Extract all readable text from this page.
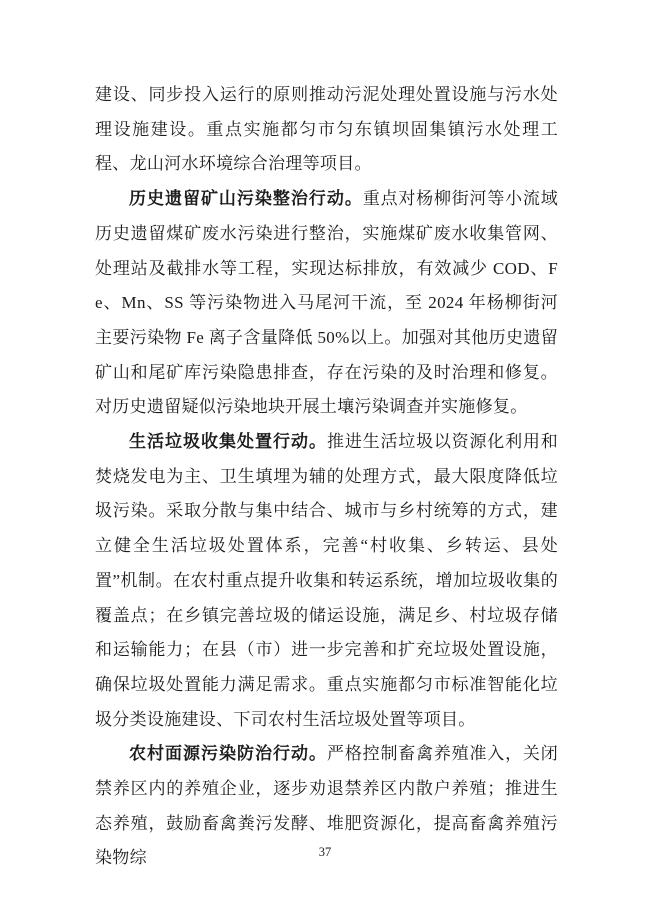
建设、同步投入运行的原则推动污泥处理处置设施与污水处理设施建设。重点实施都匀市匀东镇坝固集镇污水处理工程、龙山河水环境综合治理等项目。

历史遗留矿山污染整治行动。重点对杨柳街河等小流域历史遗留煤矿废水污染进行整治，实施煤矿废水收集管网、处理站及截排水等工程，实现达标排放，有效减少 COD、Fe、Mn、SS 等污染物进入马尾河干流，至 2024 年杨柳街河主要污染物 Fe 离子含量降低 50%以上。加强对其他历史遗留矿山和尾矿库污染隐患排查，存在污染的及时治理和修复。对历史遗留疑似污染地块开展土壤污染调查并实施修复。

生活垃圾收集处置行动。推进生活垃圾以资源化利用和焚烧发电为主、卫生填埋为辅的处理方式，最大限度降低垃圾污染。采取分散与集中结合、城市与乡村统筹的方式，建立健全生活垃圾处置体系，完善“村收集、乡转运、县处置”机制。在农村重点提升收集和转运系统，增加垃圾收集的覆盖点；在乡镇完善垃圾的储运设施，满足乡、村垃圾存储和运输能力；在县（市）进一步完善和扩充垃圾处置设施，确保垃圾处置能力满足需求。重点实施都匀市标准智能化垃圾分类设施建设、下司农村生活垃圾处置等项目。

农村面源污染防治行动。严格控制畜禽养殖准入，关闭禁养区内的养殖企业，逐步劝退禁养区内散户养殖；推进生态养殖，鼓励畜禽粪污发酵、堆肥资源化，提高畜禽养殖污染物综	37
